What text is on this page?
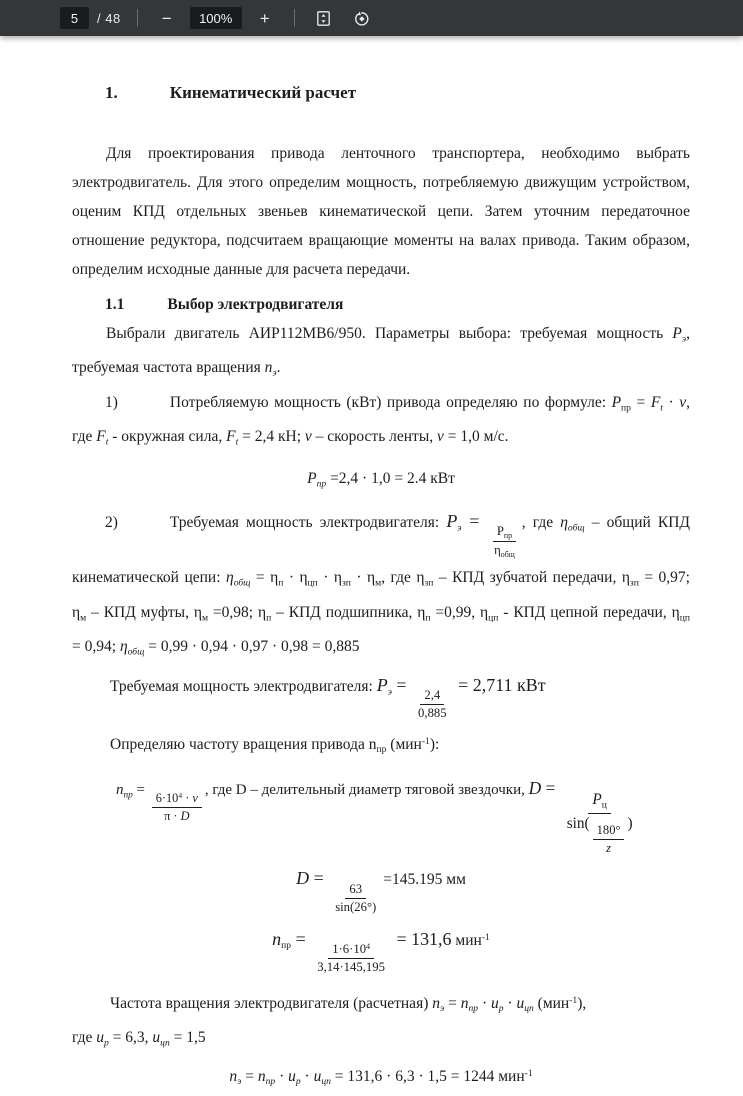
5
/ 48	−	100%	+
1.	Кинематический расчет
Для проектирования привода ленточного транспортера, необходимо выбрать
электродвигатель. Для этого определим мощность, потребляемую движущим устройством,
оценим КПД отдельных звеньев кинематической цепи. Затем уточним передаточное
отношение редуктора, подсчитаем вращающие моменты на валах привода. Таким образом,
определим исходные данные для расчета передачи.
1.1	Выбор электродвигателя
Выбрали двигатель АИР112МВ6/950. Параметры выбора: требуемая мощность $P_э$,
требуемая частота вращения $n_э$.
1)	Потребляемую мощность (кВт) привода определяю по формуле: $P_{пр} = F_t \cdot v$,
где $F_t$ - окружная сила, $F_t = 2,4$ кН; v – скорость ленты, v = 1,0 м/с.
$P_{пр} =2,4 \cdot 1,0 = 2.4$ кВт
2)	Требуемая мощность электродвигателя: $P_э$ =
$\frac{P_{пр}}{\eta_{общ}}$
, где $\eta_{общ}$ – общий КПД
кинематической цепи: $\eta_{общ} = \eta_п \cdot \eta_{цп} \cdot \eta_{зп} \cdot \eta_м$, где $\eta_{зп}$ – КПД зубчатой передачи, $\eta_{зп} = 0,97$;
$\eta_м$ – КПД муфты, $\eta_м =0,98$; $\eta_п$ – КПД подшипника, $\eta_п =0,99$, $\eta_{цп}$ - КПД цепной передачи, $\eta_{цп}$
= 0,94; $\eta_{общ} = 0,99 \cdot 0,94 \cdot 0,97 \cdot 0,98 = 0,885$
Требуемая мощность электродвигателя: $P_э$ =
$\frac{2,4}{0,885}$
= 2,711 кВт
Определяю частоту вращения привода $n_{пр}$ (мин$^{-1}$):
$n_{пр}$ =
$\frac{6\cdot 10^4 \cdot v}{\pi \cdot D}$
, где D – делительный диаметр тяговой звездочки, D =
$\frac{P_ц}{\sin( \frac{180^\circ}{z} )}$
D =
$\frac{63}{\sin(26^\circ)}$
=145.195 мм
$n_{пр}$ =
$\frac{1\cdot 6\cdot 10^4}{3,14\cdot 145,195}$
= 131,6 мин$^{-1}$
Частота вращения электродвигателя (расчетная) $n_э = n_{пр} \cdot u_р \cdot u_{цп}$ (мин$^{-1}$),
где $u_р = 6,3$, $u_{цп} = 1,5$
$n_э = n_{пр} \cdot u_р \cdot u_{цп} = 131,6 \cdot 6,3 \cdot 1,5 = 1244$ мин$^{-1}$
